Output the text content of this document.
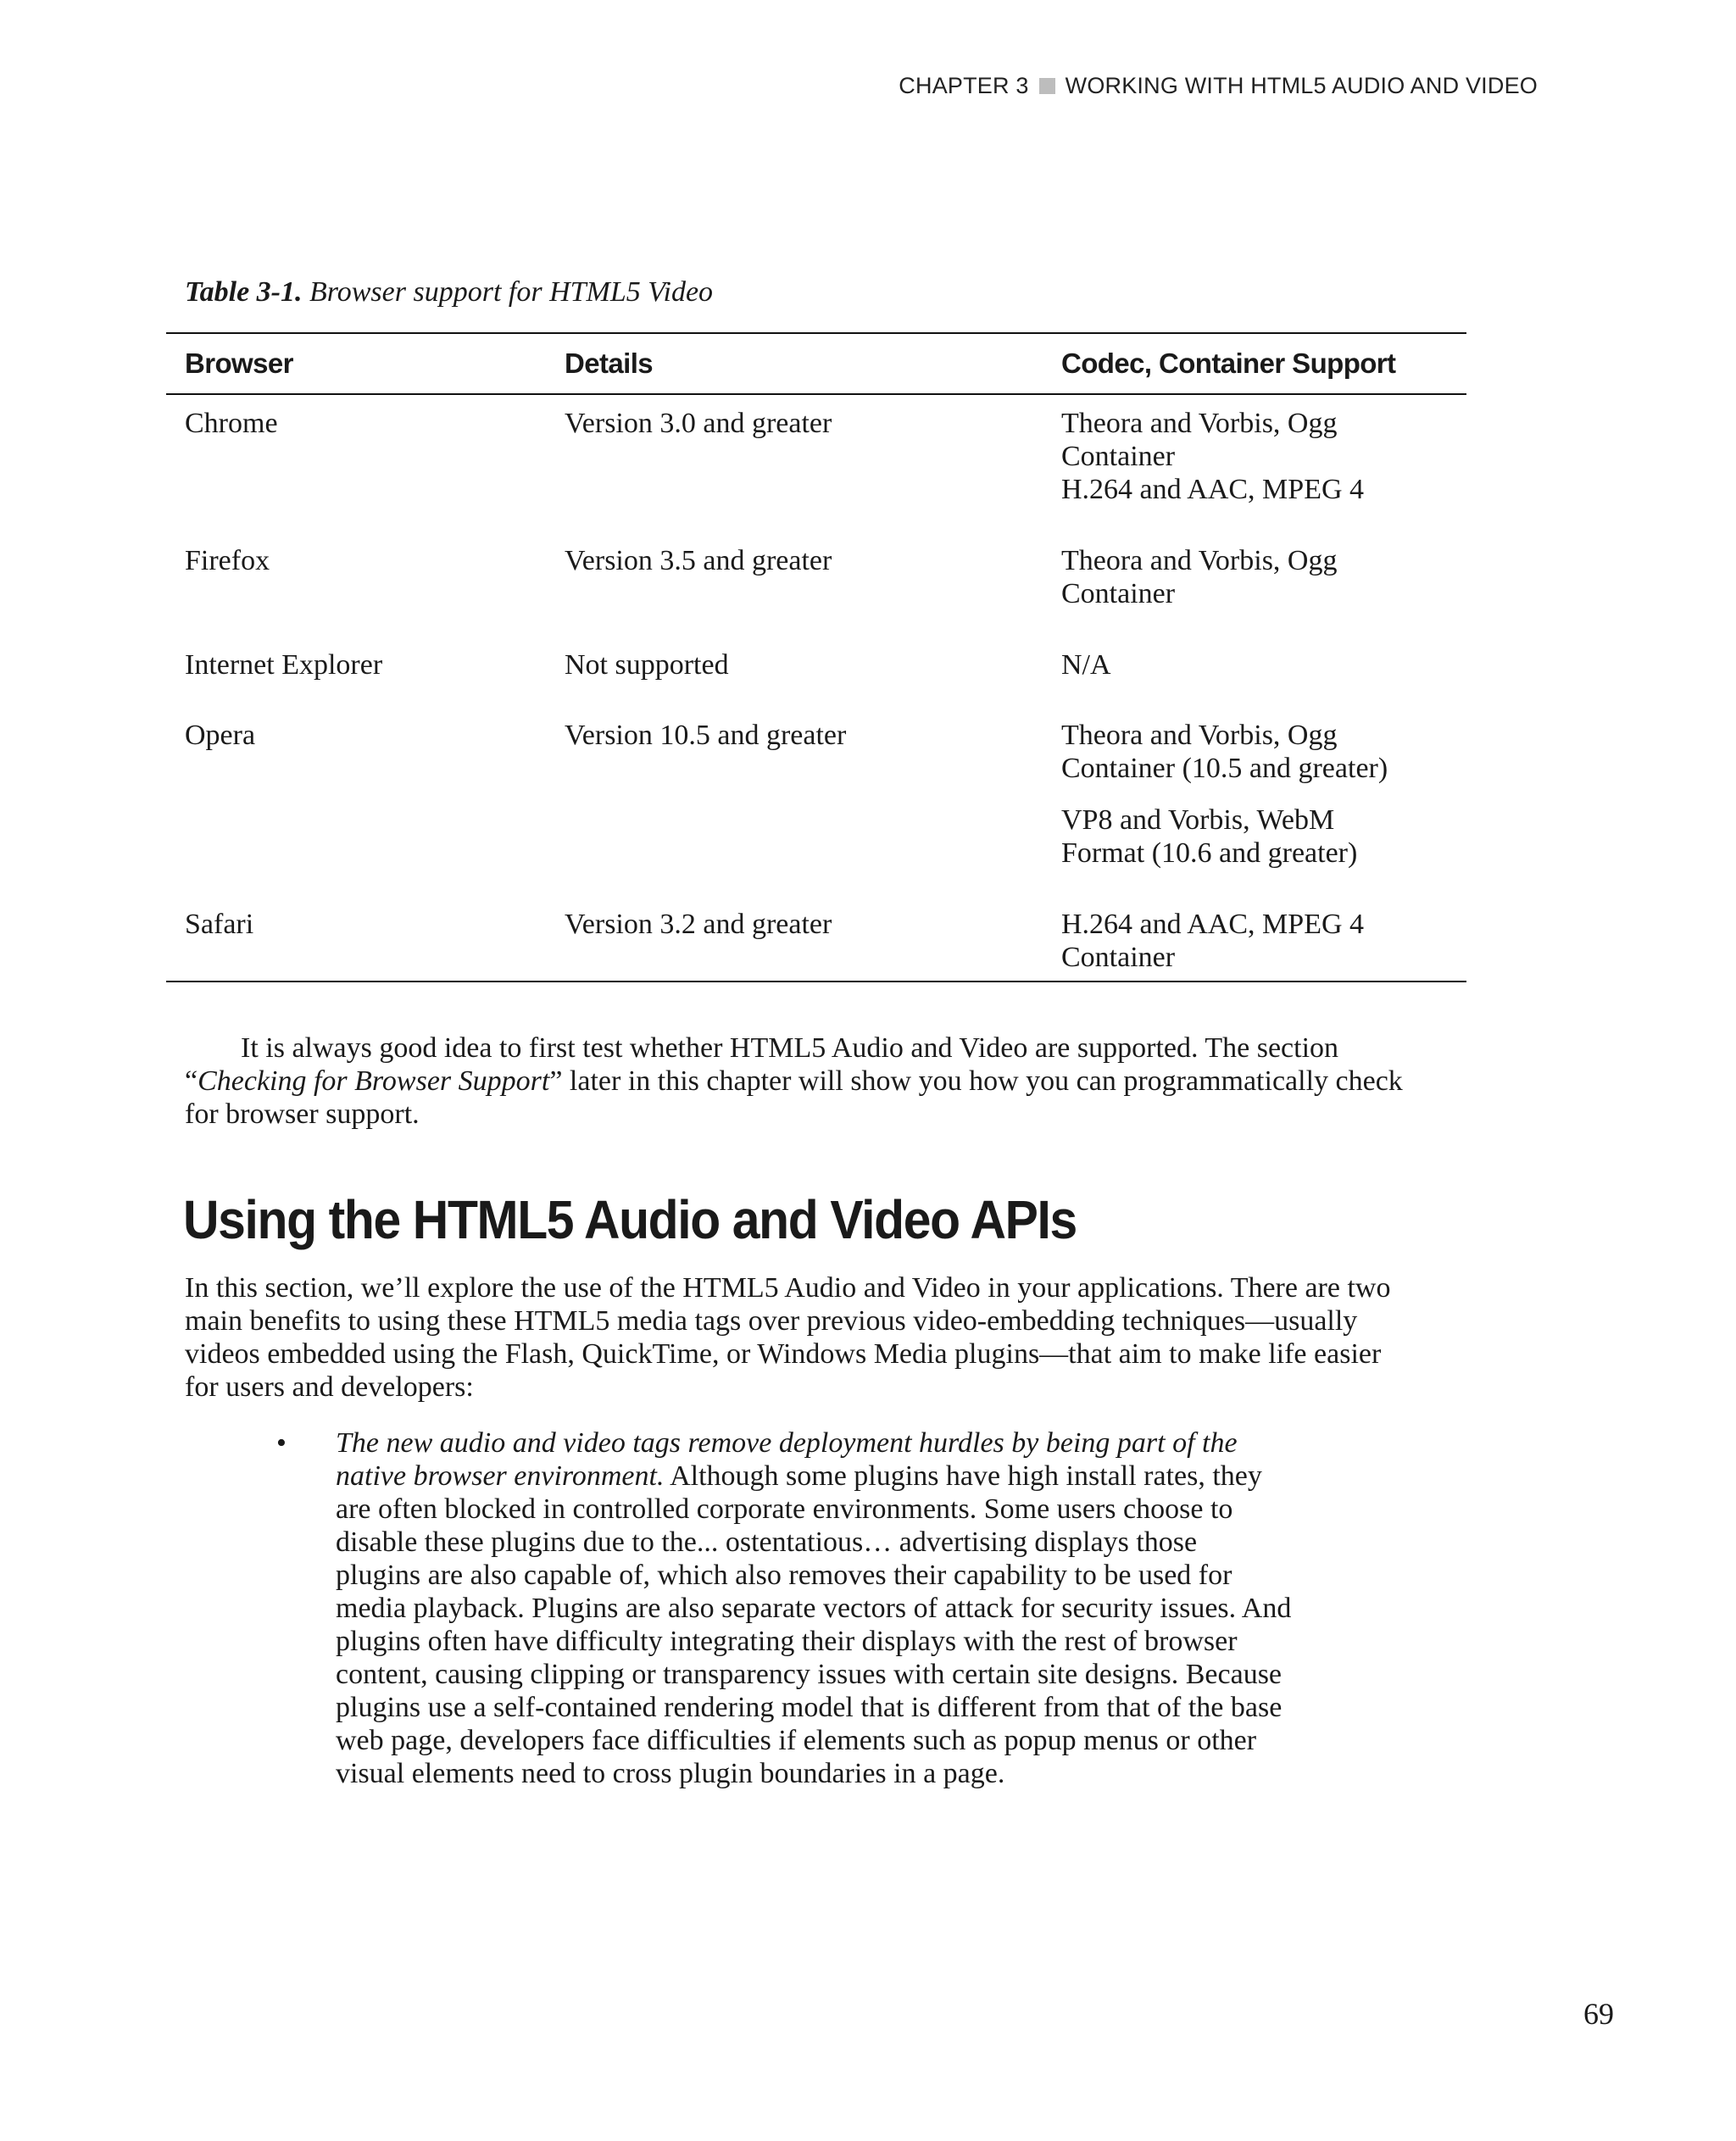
CHAPTER 3 WORKING WITH HTML5 AUDIO AND VIDEO
Table 3-1. Browser support for HTML5 Video
Browser	Details	Codec, Container Support
Chrome	Version 3.0 and greater	Theora and Vorbis, Ogg
Container
H.264 and AAC, MPEG 4
Firefox	Version 3.5 and greater	Theora and Vorbis, Ogg
Container
Internet Explorer	Not supported	N/A
Opera	Version 10.5 and greater	Theora and Vorbis, Ogg
Container (10.5 and greater)
VP8 and Vorbis, WebM
Format (10.6 and greater)
Safari	Version 3.2 and greater	H.264 and AAC, MPEG 4
Container
It is always good idea to first test whether HTML5 Audio and Video are supported. The section
“Checking for Browser Support” later in this chapter will show you how you can programmatically check
for browser support.
Using the HTML5 Audio and Video APIs
In this section, we’ll explore the use of the HTML5 Audio and Video in your applications. There are two
main benefits to using these HTML5 media tags over previous video-embedding techniques—usually
videos embedded using the Flash, QuickTime, or Windows Media plugins—that aim to make life easier
for users and developers:
• The new audio and video tags remove deployment hurdles by being part of the
native browser environment. Although some plugins have high install rates, they
are often blocked in controlled corporate environments. Some users choose to
disable these plugins due to the... ostentatious… advertising displays those
plugins are also capable of, which also removes their capability to be used for
media playback. Plugins are also separate vectors of attack for security issues. And
plugins often have difficulty integrating their displays with the rest of browser
content, causing clipping or transparency issues with certain site designs. Because
plugins use a self-contained rendering model that is different from that of the base
web page, developers face difficulties if elements such as popup menus or other
visual elements need to cross plugin boundaries in a page.
69
